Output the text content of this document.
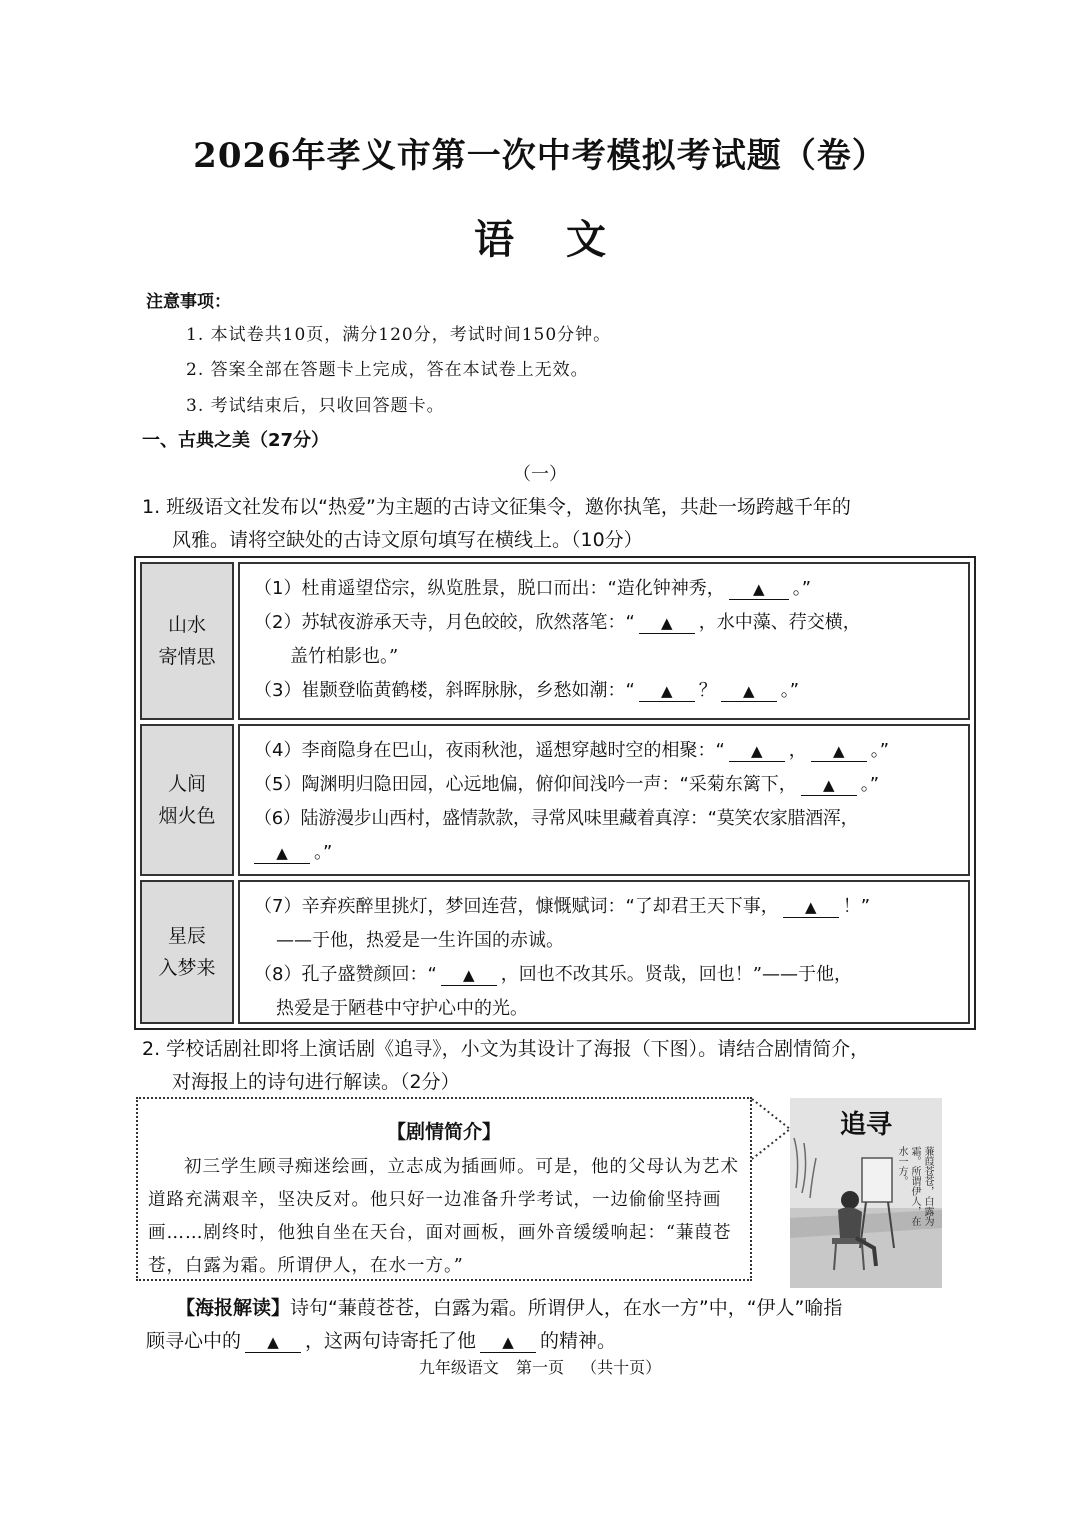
2026年孝义市第一次中考模拟考试题（卷）
语文
注意事项：
1. 本试卷共10页，满分120分，考试时间150分钟。
2. 答案全部在答题卡上完成，答在本试卷上无效。
3. 考试结束后，只收回答题卡。
一、古典之美（27分）
（一）
1. 班级语文社发布以“热爱”为主题的古诗文征集令，邀你执笔，共赴一场跨越千年的
风雅。请将空缺处的古诗文原句填写在横线上。（10分）
山水
寄情思
（1）杜甫遥望岱宗，纵览胜景，脱口而出：“造化钟神秀， ▲ 。”
（2）苏轼夜游承天寺，月色皎皎，欣然落笔：“ ▲ ，水中藻、荇交横，
盖竹柏影也。”
（3）崔颢登临黄鹤楼，斜晖脉脉，乡愁如潮：“ ▲ ？ ▲ 。”
人间
烟火色
（4）李商隐身在巴山，夜雨秋池，遥想穿越时空的相聚：“ ▲ ， ▲ 。”
（5）陶渊明归隐田园，心远地偏，俯仰间浅吟一声：“采菊东篱下， ▲ 。”
（6）陆游漫步山西村，盛情款款，寻常风味里藏着真淳：“莫笑农家腊酒浑，
▲ 。”
星辰
入梦来
（7）辛弃疾醉里挑灯，梦回连营，慷慨赋词：“了却君王天下事， ▲ ！”
——于他，热爱是一生许国的赤诚。
（8）孔子盛赞颜回：“ ▲ ，回也不改其乐。贤哉，回也！”——于他，
热爱是于陋巷中守护心中的光。
2. 学校话剧社即将上演话剧《追寻》，小文为其设计了海报（下图）。请结合剧情简介，
对海报上的诗句进行解读。（2分）
【剧情简介】
初三学生顾寻痴迷绘画，立志成为插画师。可是，他的父母认为艺术道路充满艰辛，坚决反对。他只好一边准备升学考试，一边偷偷坚持画画……剧终时，他独自坐在天台，面对画板，画外音缓缓响起：“蒹葭苍苍，白露为霜。所谓伊人，在水一方。”
追寻
蒹葭苍苍，白露为霜。所谓伊人，在水一方。
【海报解读】诗句“蒹葭苍苍，白露为霜。所谓伊人，在水一方”中，“伊人”喻指
顾寻心中的 ▲ ，这两句诗寄托了他 ▲ 的精神。
九年级语文 第一页 （共十页）
